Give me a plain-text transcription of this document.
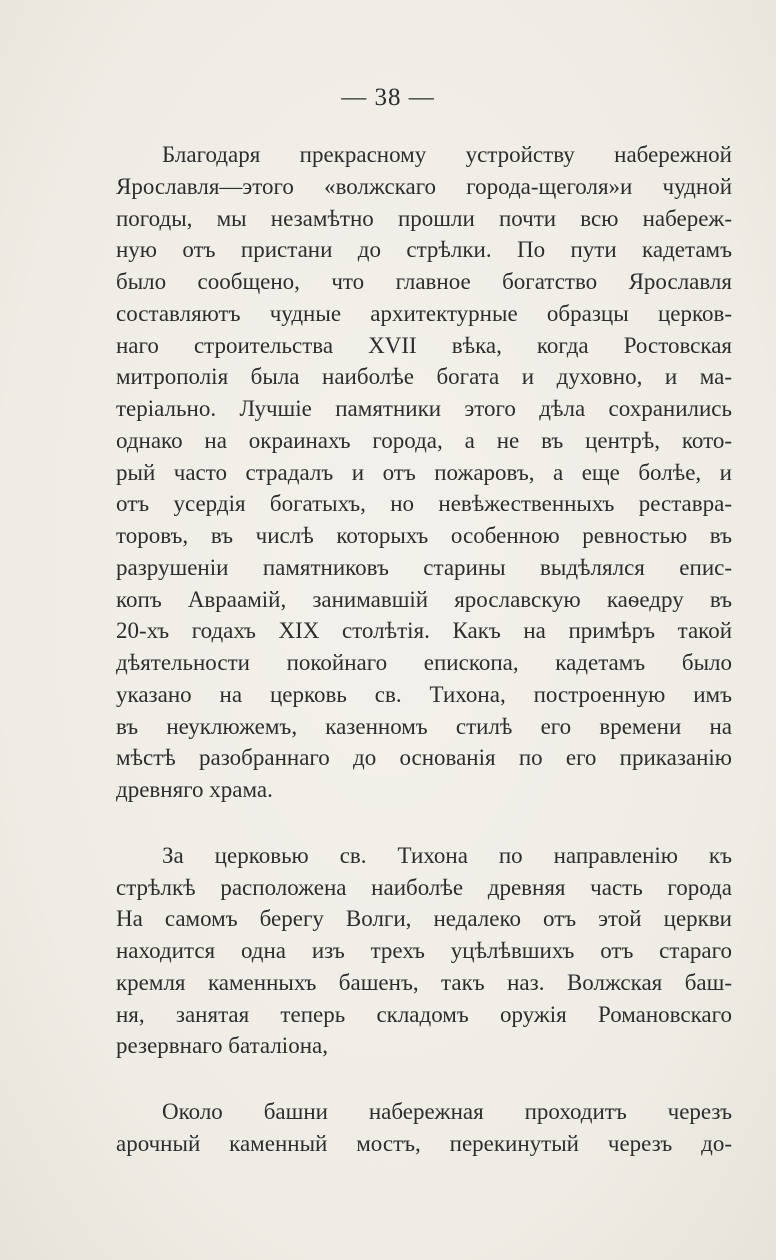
— 38 —
Благодаря прекрасному устройству набережной
Ярославля—этого «волжскаго города-щеголя»и чудной
погоды, мы незамѣтно прошли почти всю набереж-
ную отъ пристани до стрѣлки. По пути кадетамъ
было сообщено, что главное богатство Ярославля
составляютъ чудные архитектурные образцы церков-
наго строительства XVII вѣка, когда Ростовская
митрополія была наиболѣе богата и духовно, и ма-
теріально. Лучшіе памятники этого дѣла сохранились
однако на окраинахъ города, а не въ центрѣ, кото-
рый часто страдалъ и отъ пожаровъ, а еще болѣе, и
отъ усердія богатыхъ, но невѣжественныхъ реставра-
торовъ, въ числѣ которыхъ особенною ревностью въ
разрушеніи памятниковъ старины выдѣлялся епис-
копъ Авраамій, занимавшій ярославскую каѳедру въ
20-хъ годахъ XIX столѣтія. Какъ на примѣръ такой
дѣятельности покойнаго епископа, кадетамъ было
указано на церковь св. Тихона, построенную имъ
въ неуклюжемъ, казенномъ стилѣ его времени на
мѣстѣ разобраннаго до основанія по его приказанію
древняго храма.
За церковью св. Тихона по направленію къ
стрѣлкѣ расположена наиболѣе древняя часть города
На самомъ берегу Волги, недалеко отъ этой церкви
находится одна изъ трехъ уцѣлѣвшихъ отъ стараго
кремля каменныхъ башенъ, такъ наз. Волжская баш-
ня, занятая теперь складомъ оружія Романовскаго
резервнаго баталіона,
Около башни набережная проходитъ черезъ
арочный каменный мостъ, перекинутый черезъ до-
